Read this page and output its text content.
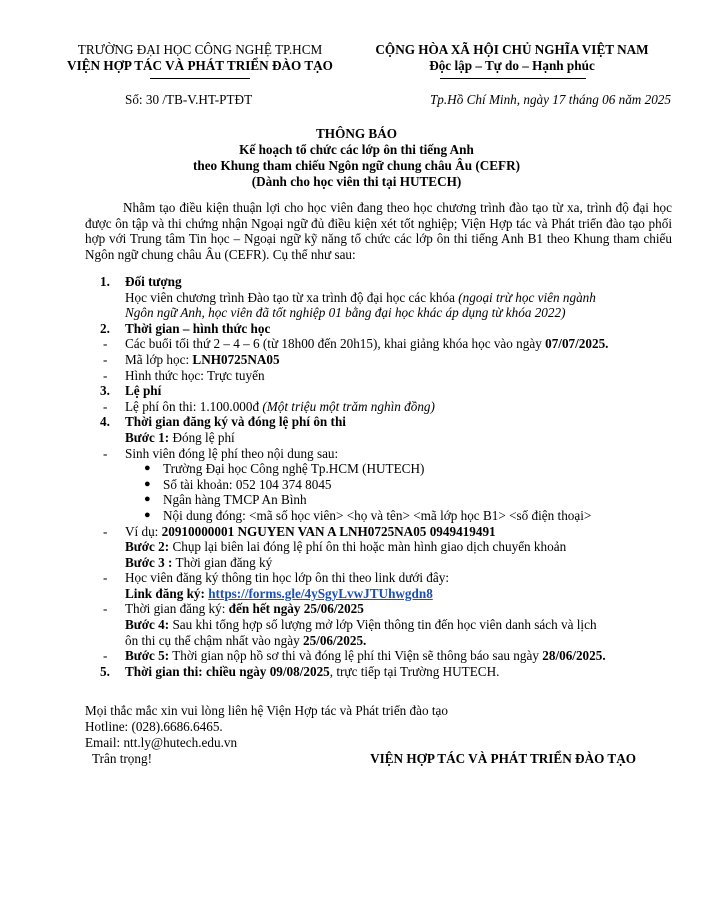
TRƯỜNG ĐẠI HỌC CÔNG NGHỆ TP.HCM
VIỆN HỢP TÁC VÀ PHÁT TRIỂN ĐÀO TẠO
CỘNG HÒA XÃ HỘI CHỦ NGHĨA VIỆT NAM
Độc lập – Tự do – Hạnh phúc
Số: 30 /TB-V.HT-PTĐT	Tp.Hồ Chí Minh, ngày 17 tháng 06 năm 2025
THÔNG BÁO
Kế hoạch tổ chức các lớp ôn thi tiếng Anh
theo Khung tham chiếu Ngôn ngữ chung châu Âu (CEFR)
(Dành cho học viên thi tại HUTECH)
Nhằm tạo điều kiện thuận lợi cho học viên đang theo học chương trình đào tạo từ xa, trình độ đại học được ôn tập và thi chứng nhận Ngoại ngữ đủ điều kiện xét tốt nghiệp; Viện Hợp tác và Phát triển đào tạo phối hợp với Trung tâm Tin học – Ngoại ngữ kỹ năng tổ chức các lớp ôn thi tiếng Anh B1 theo Khung tham chiếu Ngôn ngữ chung châu Âu (CEFR). Cụ thể như sau:
1. Đối tượng
Học viên chương trình Đào tạo từ xa trình độ đại học các khóa (ngoại trừ học viên ngành
Ngôn ngữ Anh, học viên đã tốt nghiệp 01 bằng đại học khác áp dụng từ khóa 2022)
2. Thời gian – hình thức học
- Các buổi tối thứ 2 – 4 – 6 (từ 18h00 đến 20h15), khai giảng khóa học vào ngày 07/07/2025.
- Mã lớp học: LNH0725NA05
- Hình thức học: Trực tuyến
3. Lệ phí
- Lệ phí ôn thi: 1.100.000đ (Một triệu một trăm nghìn đồng)
4. Thời gian đăng ký và đóng lệ phí ôn thi
Bước 1: Đóng lệ phí
- Sinh viên đóng lệ phí theo nội dung sau:
● Trường Đại học Công nghệ Tp.HCM (HUTECH)
● Số tài khoản: 052 104 374 8045
● Ngân hàng TMCP An Bình
● Nội dung đóng: <mã số học viên> <họ và tên> <mã lớp học B1> <số điện thoại>
- Ví dụ: 20910000001 NGUYEN VAN A LNH0725NA05 0949419491
Bước 2: Chụp lại biên lai đóng lệ phí ôn thi hoặc màn hình giao dịch chuyển khoản
Bước 3 : Thời gian đăng ký
- Học viên đăng ký thông tin học lớp ôn thi theo link dưới đây:
Link đăng ký: https://forms.gle/4ySgyLvwJTUhwgdn8
- Thời gian đăng ký: đến hết ngày 25/06/2025
Bước 4: Sau khi tổng hợp số lượng mở lớp Viện thông tin đến học viên danh sách và lịch
ôn thi cụ thể chậm nhất vào ngày 25/06/2025.
- Bước 5: Thời gian nộp hồ sơ thi và đóng lệ phí thi Viện sẽ thông báo sau ngày 28/06/2025.
5. Thời gian thi: chiều ngày 09/08/2025, trực tiếp tại Trường HUTECH.
Mọi thắc mắc xin vui lòng liên hệ Viện Hợp tác và Phát triển đào tạo
Hotline: (028).6686.6465.
Email: ntt.ly@hutech.edu.vn
Trân trọng!	VIỆN HỢP TÁC VÀ PHÁT TRIỂN ĐÀO TẠO
